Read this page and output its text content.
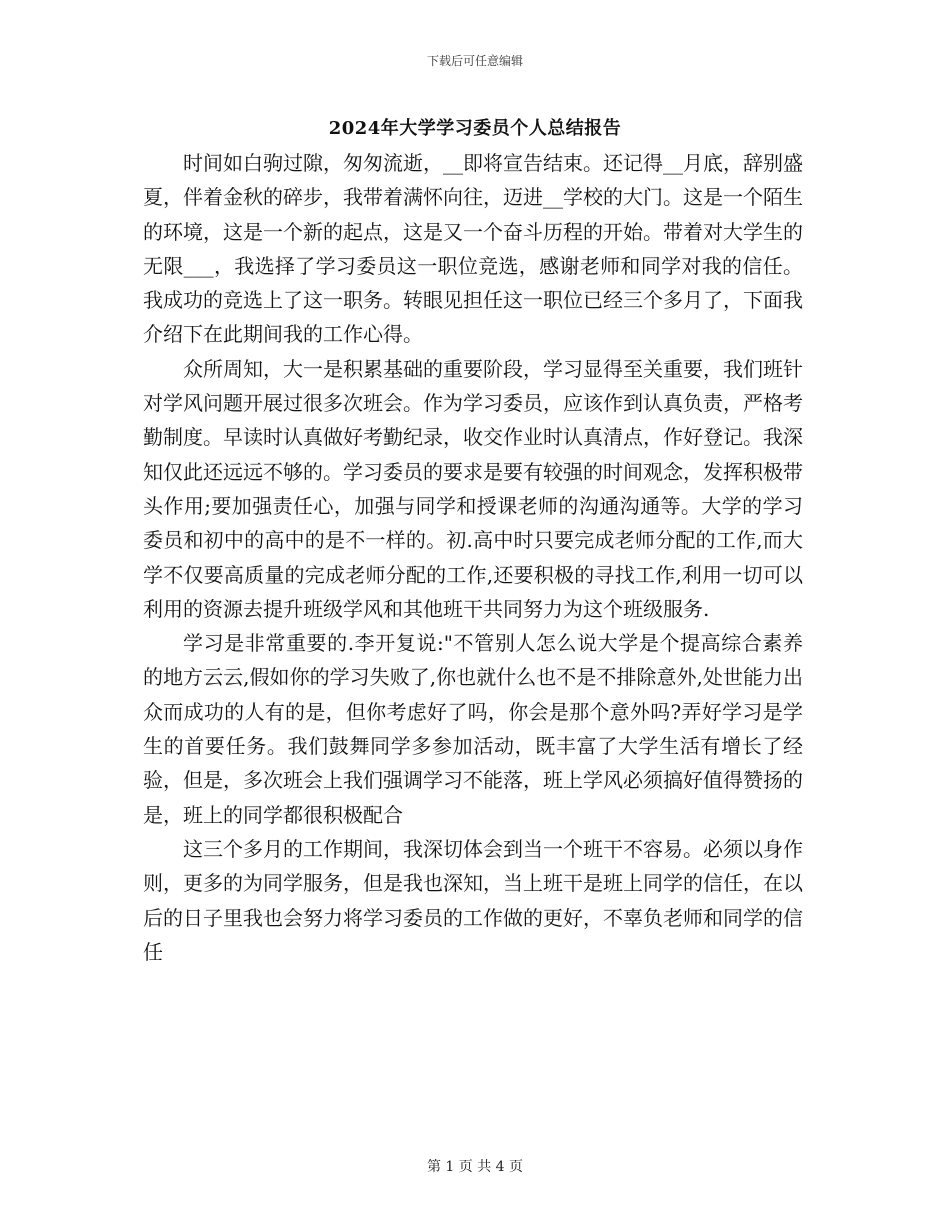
下载后可任意编辑
2024年大学学习委员个人总结报告

时间如白驹过隙，匆匆流逝，__即将宣告结束。还记得__月底，辞别盛夏，伴着金秋的碎步，我带着满怀向往，迈进__学校的大门。这是一个陌生的环境，这是一个新的起点，这是又一个奋斗历程的开始。带着对大学生的无限___，我选择了学习委员这一职位竞选，感谢老师和同学对我的信任。我成功的竞选上了这一职务。转眼见担任这一职位已经三个多月了，下面我介绍下在此期间我的工作心得。

众所周知，大一是积累基础的重要阶段，学习显得至关重要，我们班针对学风问题开展过很多次班会。作为学习委员，应该作到认真负责，严格考勤制度。早读时认真做好考勤纪录，收交作业时认真清点，作好登记。我深知仅此还远远不够的。学习委员的要求是要有较强的时间观念，发挥积极带头作用;要加强责任心，加强与同学和授课老师的沟通沟通等。大学的学习委员和初中的高中的是不一样的。初.高中时只要完成老师分配的工作,而大学不仅要高质量的完成老师分配的工作,还要积极的寻找工作,利用一切可以利用的资源去提升班级学风和其他班干共同努力为这个班级服务.

学习是非常重要的.李开复说:"不管别人怎么说大学是个提高综合素养的地方云云,假如你的学习失败了,你也就什么也不是不排除意外,处世能力出众而成功的人有的是，但你考虑好了吗，你会是那个意外吗?弄好学习是学生的首要任务。我们鼓舞同学多参加活动，既丰富了大学生活有增长了经验，但是，多次班会上我们强调学习不能落，班上学风必须搞好值得赞扬的是，班上的同学都很积极配合

这三个多月的工作期间，我深切体会到当一个班干不容易。必须以身作则，更多的为同学服务，但是我也深知，当上班干是班上同学的信任，在以后的日子里我也会努力将学习委员的工作做的更好，不辜负老师和同学的信任

第 1 页 共 4 页
